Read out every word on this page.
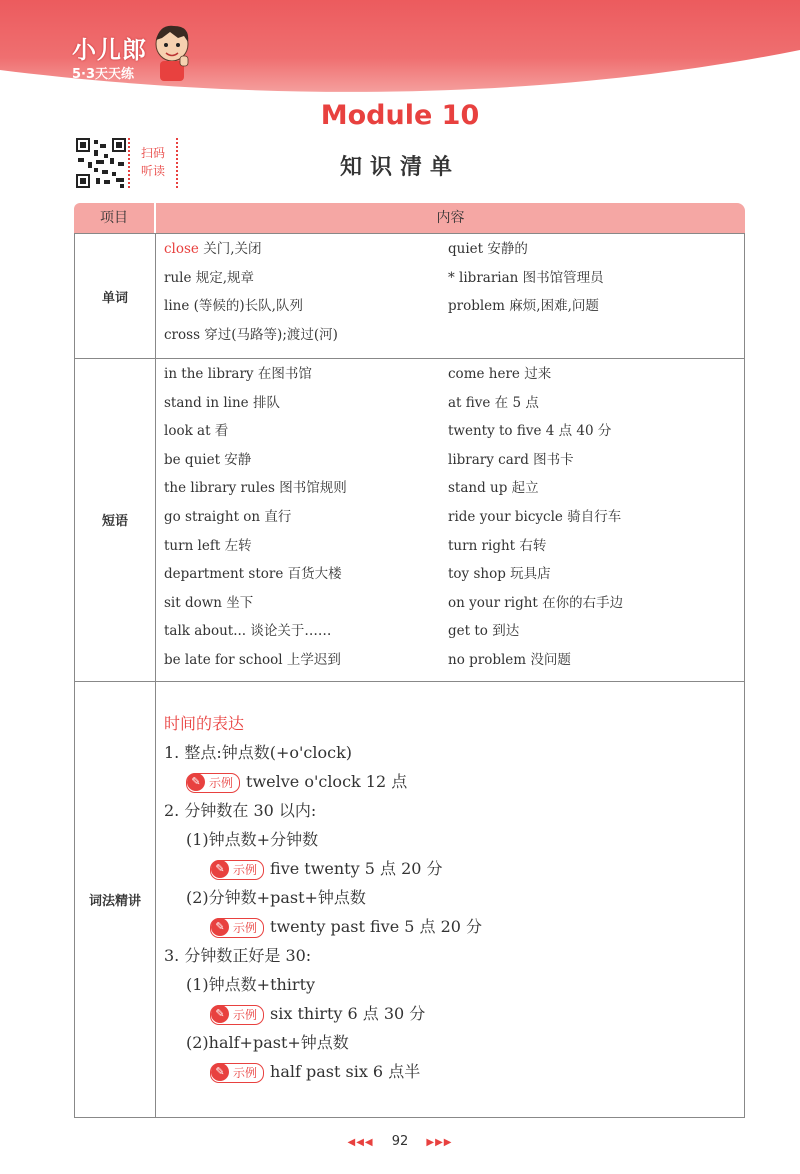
小儿郎
5·3天天练
Module 10
知识清单
扫码
听读
项目	内容
单词
close 关门,关闭
rule 规定,规章
line (等候的)长队,队列
cross 穿过(马路等);渡过(河)
quiet 安静的
* librarian 图书馆管理员
problem 麻烦,困难,问题
短语
in the library 在图书馆
stand in line 排队
look at 看
be quiet 安静
the library rules 图书馆规则
go straight on 直行
turn left 左转
department store 百货大楼
sit down 坐下
talk about... 谈论关于……
be late for school 上学迟到
come here 过来
at five 在 5 点
twenty to five 4 点 40 分
library card 图书卡
stand up 起立
ride your bicycle 骑自行车
turn right 右转
toy shop 玩具店
on your right 在你的右手边
get to 到达
no problem 没问题
词法精讲
时间的表达
1. 整点:钟点数(+o'clock)
✎ 示例 twelve o'clock 12 点
2. 分钟数在 30 以内:
(1)钟点数+分钟数
✎ 示例 five twenty 5 点 20 分
(2)分钟数+past+钟点数
✎ 示例 twenty past five 5 点 20 分
3. 分钟数正好是 30:
(1)钟点数+thirty
✎ 示例 six thirty 6 点 30 分
(2)half+past+钟点数
✎ 示例 half past six 6 点半
◀◀◀ 92 ▶▶▶
